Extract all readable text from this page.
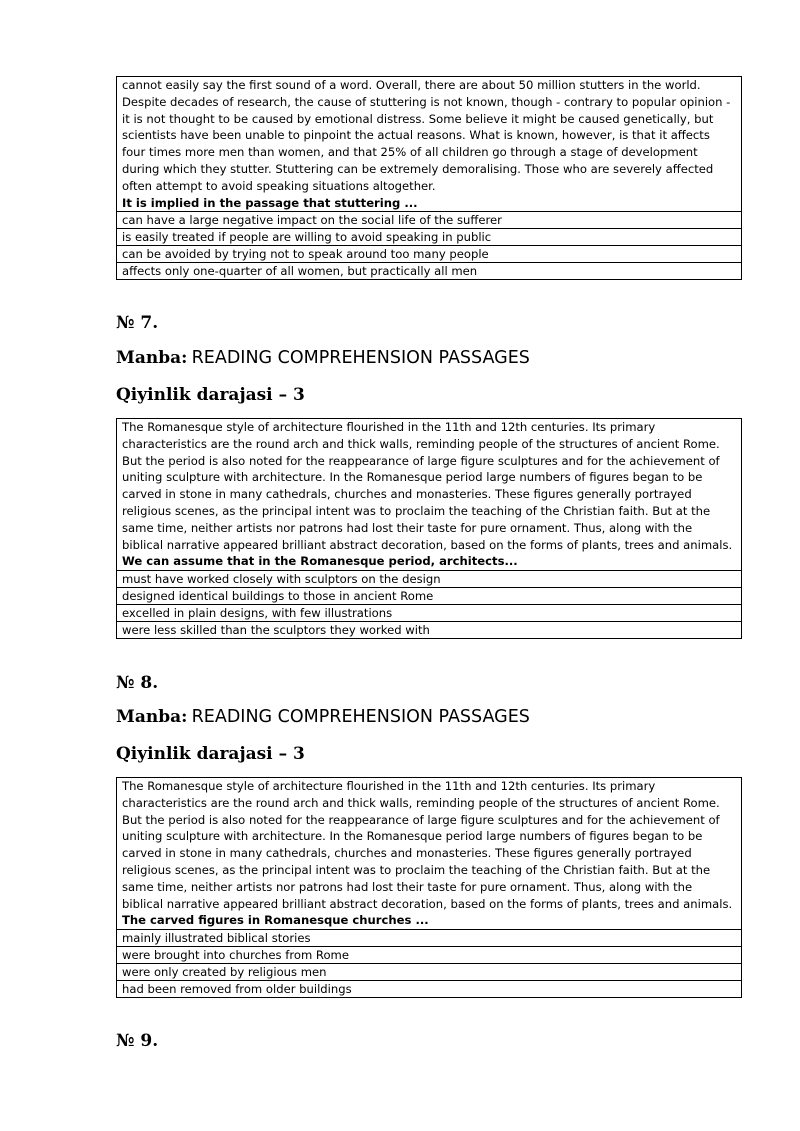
cannot easily say the first sound of a word. Overall, there are about 50 million stutters in the world. Despite decades of research, the cause of stuttering is not known, though - contrary to popular opinion - it is not thought to be caused by emotional distress. Some believe it might be caused genetically, but scientists have been unable to pinpoint the actual reasons. What is known, however, is that it affects four times more men than women, and that 25% of all children go through a stage of development during which they stutter. Stuttering can be extremely demoralising. Those who are severely affected often attempt to avoid speaking situations altogether.
It is implied in the passage that stuttering ...
can have a large negative impact on the social life of the sufferer
is easily treated if people are willing to avoid speaking in public
can be avoided by trying not to speak around too many people
affects only one-quarter of all women, but practically all men
№ 7.
Manba: READING COMPREHENSION PASSAGES
Qiyinlik darajasi – 3
The Romanesque style of architecture flourished in the 11th and 12th centuries. Its primary characteristics are the round arch and thick walls, reminding people of the structures of ancient Rome. But the period is also noted for the reappearance of large figure sculptures and for the achievement of uniting sculpture with architecture. In the Romanesque period large numbers of figures began to be carved in stone in many cathedrals, churches and monasteries. These figures generally portrayed religious scenes, as the principal intent was to proclaim the teaching of the Christian faith. But at the same time, neither artists nor patrons had lost their taste for pure ornament. Thus, along with the biblical narrative appeared brilliant abstract decoration, based on the forms of plants, trees and animals.
We can assume that in the Romanesque period, architects...
must have worked closely with sculptors on the design
designed identical buildings to those in ancient Rome
excelled in plain designs, with few illustrations
were less skilled than the sculptors they worked with
№ 8.
Manba: READING COMPREHENSION PASSAGES
Qiyinlik darajasi – 3
The Romanesque style of architecture flourished in the 11th and 12th centuries. Its primary characteristics are the round arch and thick walls, reminding people of the structures of ancient Rome. But the period is also noted for the reappearance of large figure sculptures and for the achievement of uniting sculpture with architecture. In the Romanesque period large numbers of figures began to be carved in stone in many cathedrals, churches and monasteries. These figures generally portrayed religious scenes, as the principal intent was to proclaim the teaching of the Christian faith. But at the same time, neither artists nor patrons had lost their taste for pure ornament. Thus, along with the biblical narrative appeared brilliant abstract decoration, based on the forms of plants, trees and animals.
The carved figures in Romanesque churches ...
mainly illustrated biblical stories
were brought into churches from Rome
were only created by religious men
had been removed from older buildings
№ 9.
